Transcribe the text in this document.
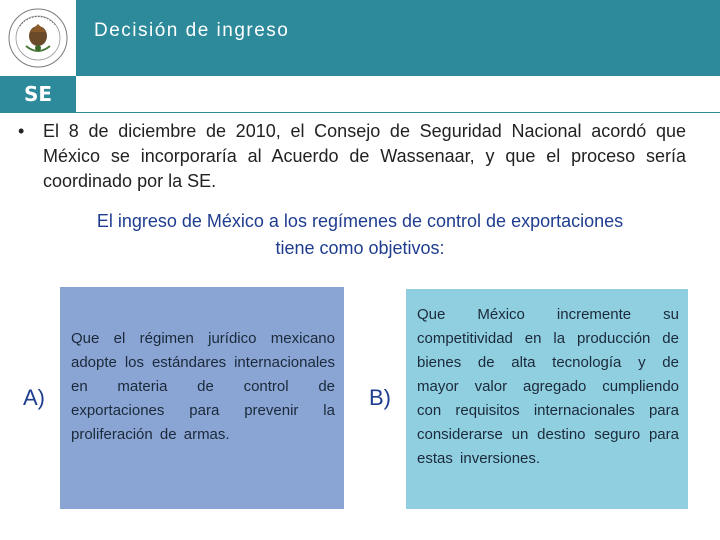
Decisión de ingreso
SE
• El 8 de diciembre de 2010, el Consejo de Seguridad Nacional acordó que México se incorporaría al Acuerdo de Wassenaar, y que el proceso sería coordinado por la SE.
El ingreso de México a los regímenes de control de exportaciones
tiene como objetivos:
Que el régimen jurídico mexicano adopte los estándares internacionales en materia de control de exportaciones para prevenir la proliferación de armas.
A)
Que México incremente su competitividad en la producción de bienes de alta tecnología y de mayor valor agregado cumpliendo con requisitos internacionales para considerarse un destino seguro para estas inversiones.
B)
